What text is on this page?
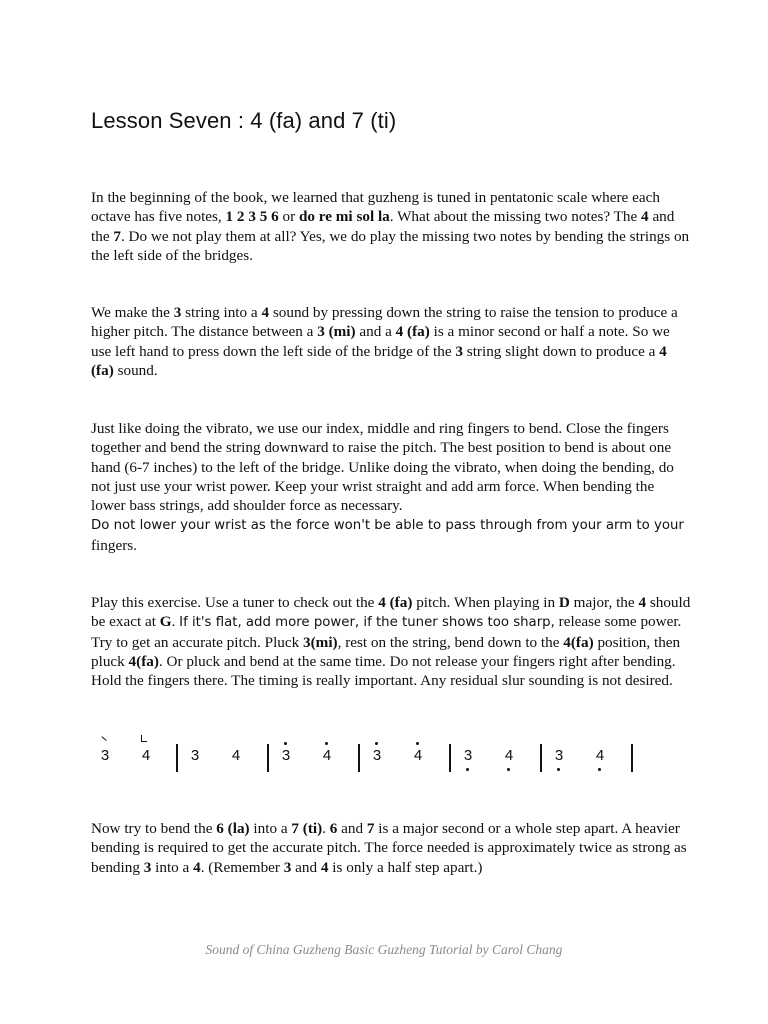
Lesson Seven : 4 (fa) and 7 (ti)

In the beginning of the book, we learned that guzheng is tuned in pentatonic scale where each octave has five notes, 1 2 3 5 6 or do re mi sol la. What about the missing two notes? The 4 and the 7. Do we not play them at all? Yes, we do play the missing two notes by bending the strings on the left side of the bridges.

We make the 3 string into a 4 sound by pressing down the string to raise the tension to produce a higher pitch. The distance between a 3 (mi) and a 4 (fa) is a minor second or half a note. So we use left hand to press down the left side of the bridge of the 3 string slight down to produce a 4 (fa) sound.

Just like doing the vibrato, we use our index, middle and ring fingers to bend. Close the fingers together and bend the string downward to raise the pitch. The best position to bend is about one hand (6-7 inches) to the left of the bridge. Unlike doing the vibrato, when doing the bending, do not just use your wrist power. Keep your wrist straight and add arm force. When bending the lower bass strings, add shoulder force as necessary.
Do not lower your wrist as the force won't be able to pass through from your arm to your
fingers.

Play this exercise. Use a tuner to check out the 4 (fa) pitch. When playing in D major, the 4 should be exact at G. If it's flat, add more power, if the tuner shows too sharp, release some power. Try to get an accurate pitch. Pluck 3(mi), rest on the string, bend down to the 4(fa) position, then pluck 4(fa). Or pluck and bend at the same time. Do not release your fingers right after bending. Hold the fingers there. The timing is really important. Any residual slur sounding is not desired.

3 4	3 4	3 4	3 4	3 4	3 4

Now try to bend the 6 (la) into a 7 (ti). 6 and 7 is a major second or a whole step apart. A heavier bending is required to get the accurate pitch. The force needed is approximately twice as strong as bending 3 into a 4. (Remember 3 and 4 is only a half step apart.)

Sound of China Guzheng Basic Guzheng Tutorial by Carol Chang
